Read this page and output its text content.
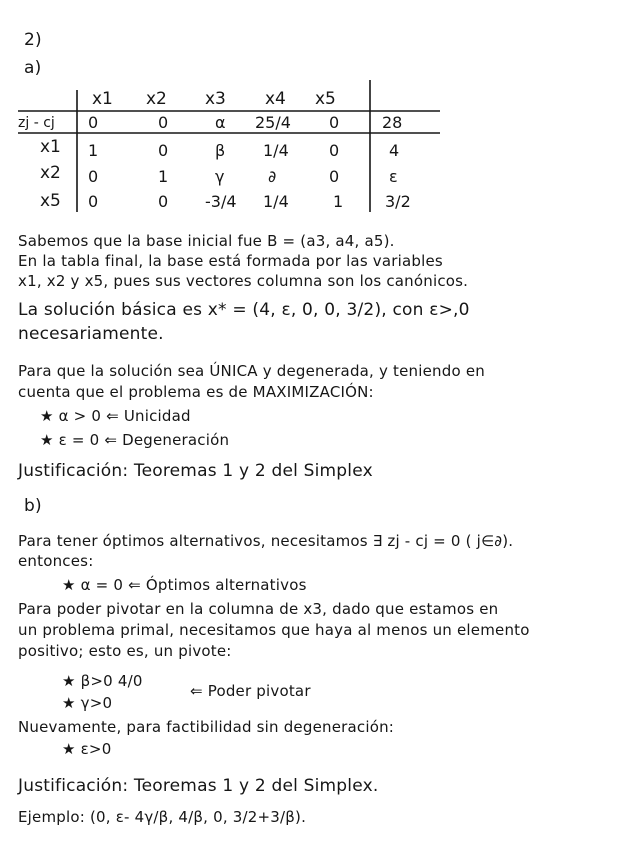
2)
a)
x1 x2 x3 x4 x5
zj - cj 0	0	α 25/4 0	28
x1 1	0	β 1/4	0	4
x2 0	1	γ	∂	0	ε
x5 0	0 -3/4 1/4	1	3/2
Sabemos que la base inicial fue B = (a3, a4, a5).
En la tabla final, la base está formada por las variables
x1, x2 y x5, pues sus vectores columna son los canónicos.
La solución básica es x* = (4, ε, 0, 0, 3/2), con ε>,0
necesariamente.
Para que la solución sea ÚNICA y degenerada, y teniendo en
cuenta que el problema es de MAXIMIZACIÓN:
★ α > 0 ⇐ Unicidad
★ ε = 0 ⇐ Degeneración
Justificación: Teoremas 1 y 2 del Simplex
b)
Para tener óptimos alternativos, necesitamos ∃ zj - cj = 0 ( j∈∂).
entonces:
★ α = 0 ⇐ Óptimos alternativos
Para poder pivotar en la columna de x3, dado que estamos en
un problema primal, necesitamos que haya al menos un elemento
positivo; esto es, un pivote:
★ β>0 4/0
⇐ Poder pivotar
★ γ>0
Nuevamente, para factibilidad sin degeneración:
★ ε>0
Justificación: Teoremas 1 y 2 del Simplex.
Ejemplo: (0, ε- 4γ/β, 4/β, 0, 3/2+3/β).
